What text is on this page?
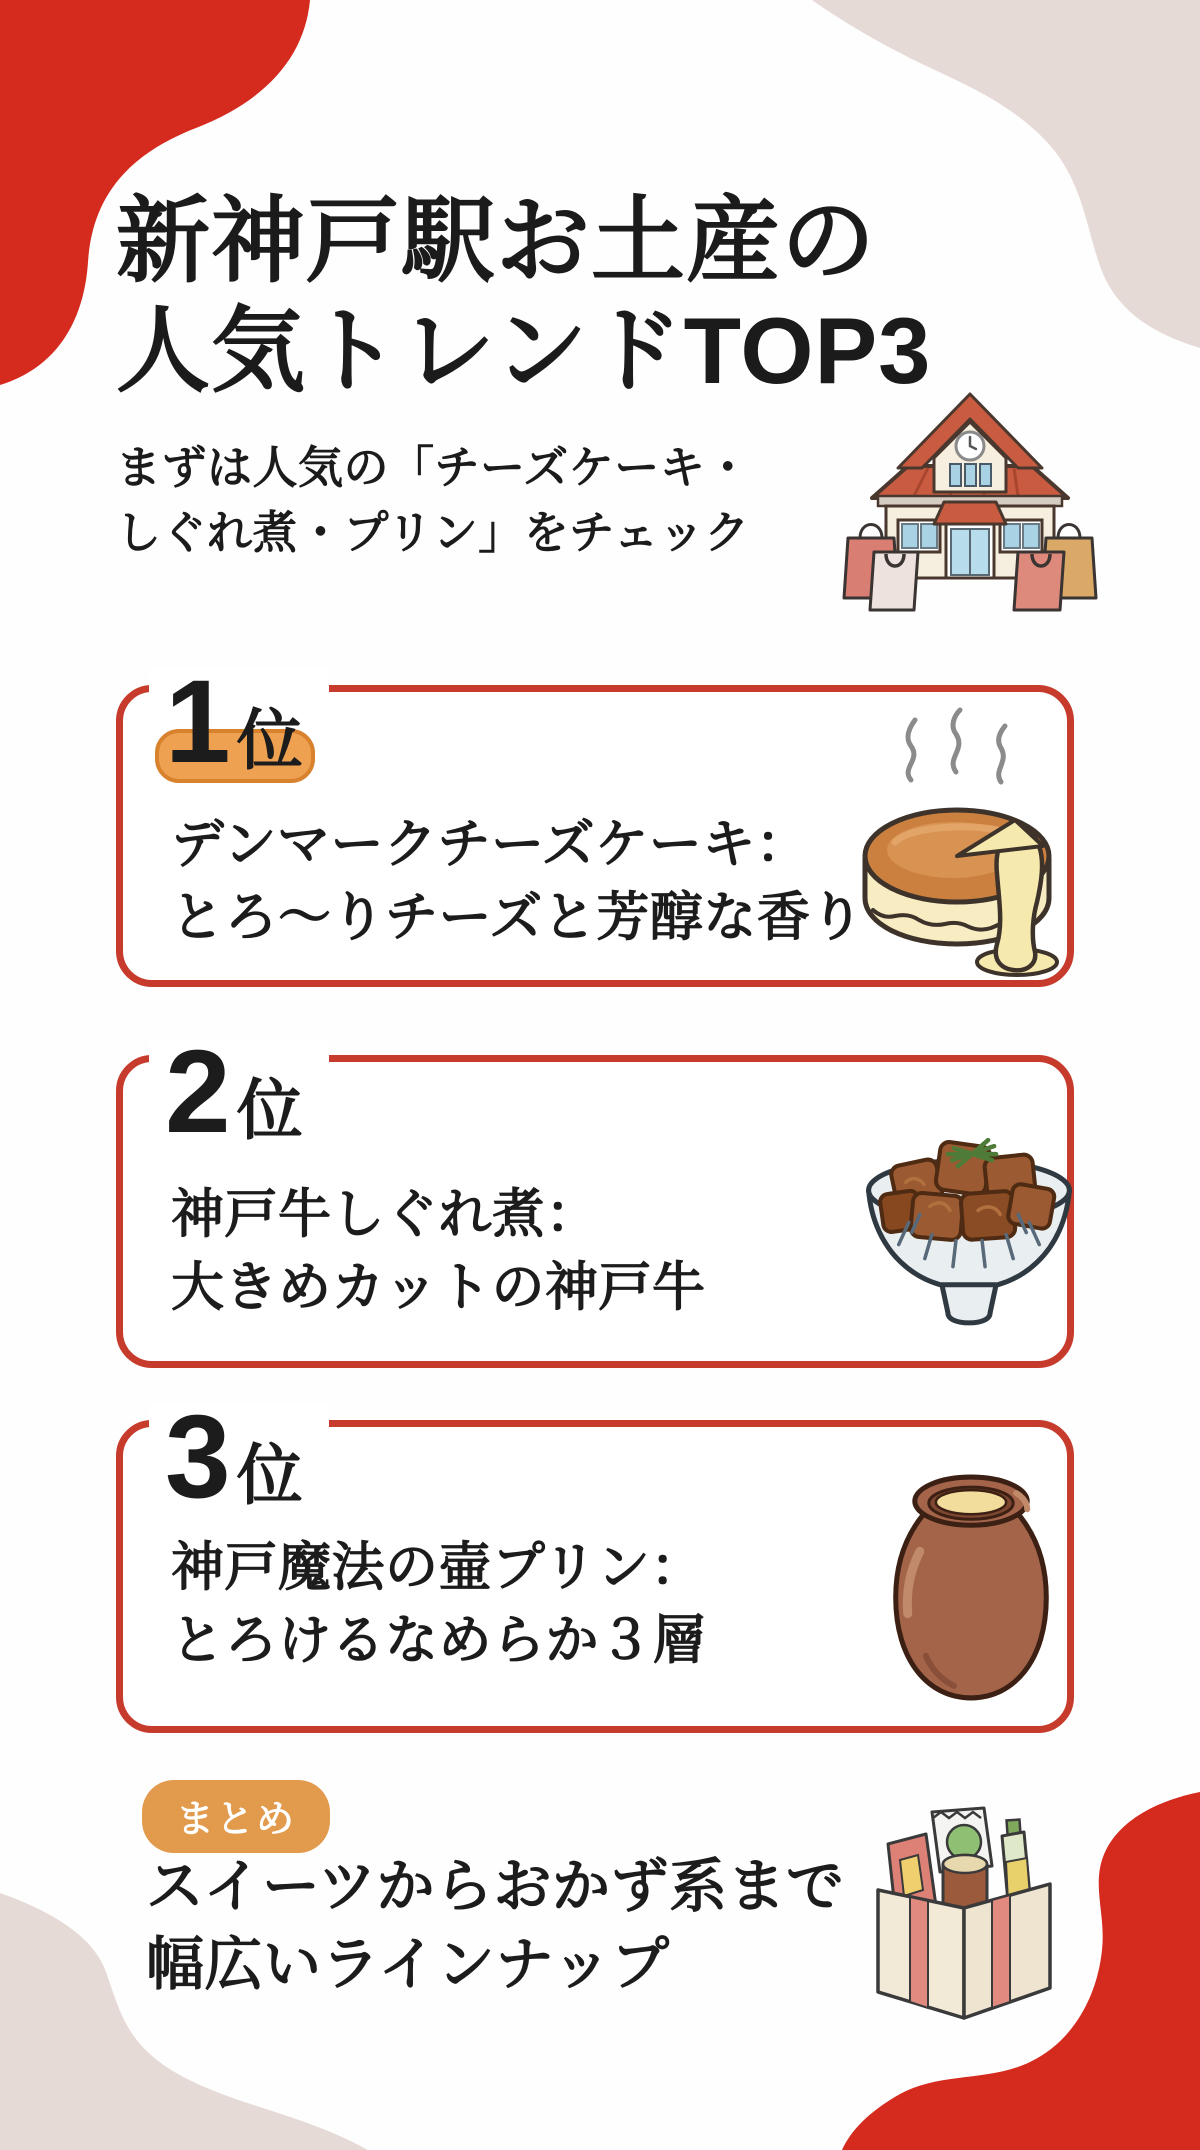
新神戸駅お土産の
人気トレンドTOP3
まずは人気の「チーズケーキ・
しぐれ煮・プリン」をチェック
1 位
デンマークチーズケーキ：
とろ〜りチーズと芳醇な香り
2 位
神戸牛しぐれ煮：
大きめカットの神戸牛
3 位
神戸魔法の壷プリン：
とろけるなめらか３層
まとめ
スイーツからおかず系まで
幅広いラインナップ
